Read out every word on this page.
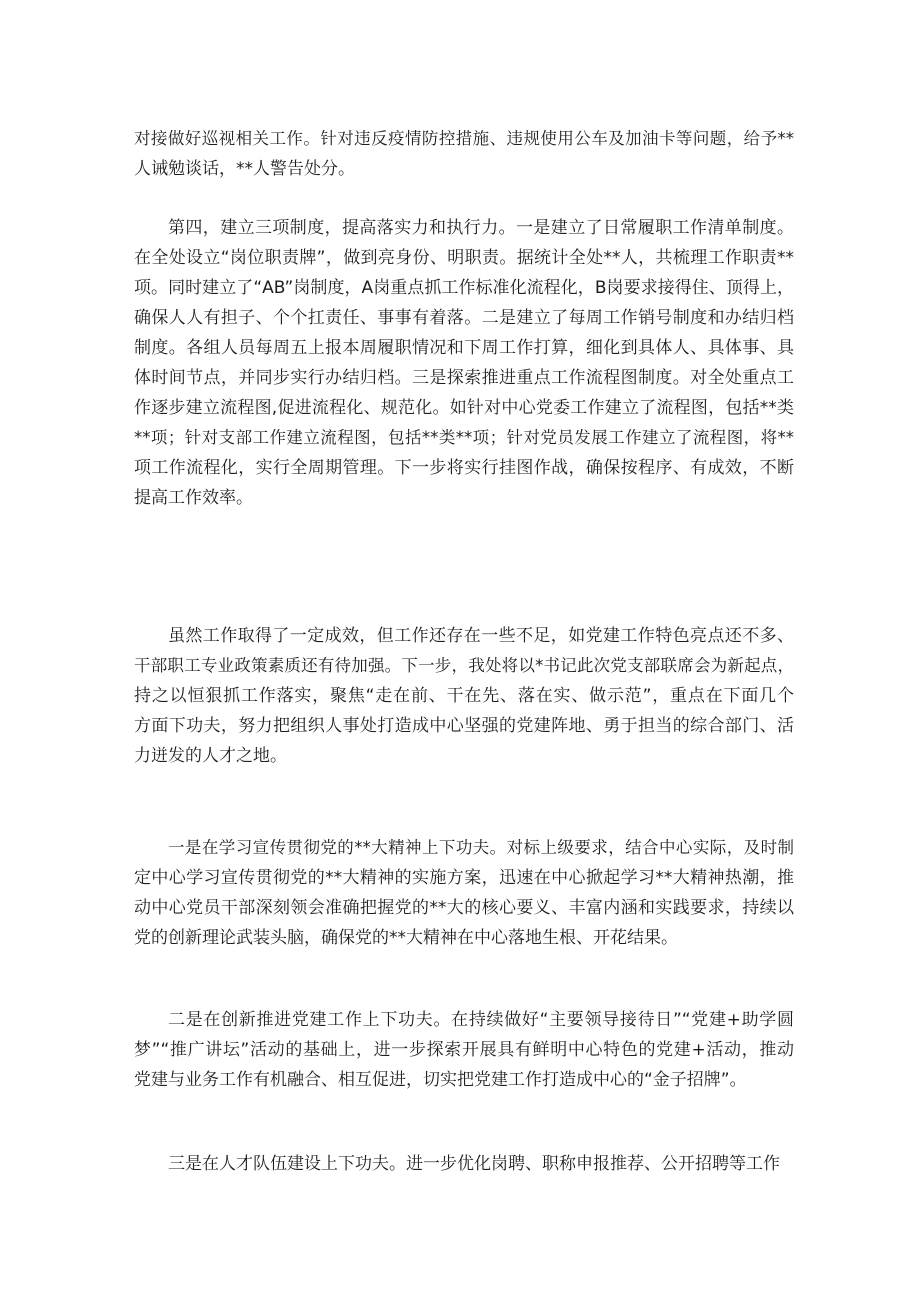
对接做好巡视相关工作。针对违反疫情防控措施、违规使用公车及加油卡等问题，给予**
人诫勉谈话，**人警告处分。
第四，建立三项制度，提高落实力和执行力。一是建立了日常履职工作清单制度。
在全处设立“岗位职责牌”，做到亮身份、明职责。据统计全处**人，共梳理工作职责**
项。同时建立了“AB”岗制度，A岗重点抓工作标准化流程化，B岗要求接得住、顶得上，
确保人人有担子、个个扛责任、事事有着落。二是建立了每周工作销号制度和办结归档
制度。各组人员每周五上报本周履职情况和下周工作打算，细化到具体人、具体事、具
体时间节点，并同步实行办结归档。三是探索推进重点工作流程图制度。对全处重点工
作逐步建立流程图,促进流程化、规范化。如针对中心党委工作建立了流程图，包括**类
**项；针对支部工作建立流程图，包括**类**项；针对党员发展工作建立了流程图，将**
项工作流程化，实行全周期管理。下一步将实行挂图作战，确保按程序、有成效，不断
提高工作效率。
虽然工作取得了一定成效，但工作还存在一些不足，如党建工作特色亮点还不多、
干部职工专业政策素质还有待加强。下一步，我处将以*书记此次党支部联席会为新起点，
持之以恒狠抓工作落实，聚焦“走在前、干在先、落在实、做示范”，重点在下面几个
方面下功夫，努力把组织人事处打造成中心坚强的党建阵地、勇于担当的综合部门、活
力迸发的人才之地。
一是在学习宣传贯彻党的**大精神上下功夫。对标上级要求，结合中心实际，及时制
定中心学习宣传贯彻党的**大精神的实施方案，迅速在中心掀起学习**大精神热潮，推
动中心党员干部深刻领会准确把握党的**大的核心要义、丰富内涵和实践要求，持续以
党的创新理论武装头脑，确保党的**大精神在中心落地生根、开花结果。
二是在创新推进党建工作上下功夫。在持续做好“主要领导接待日”“党建+助学圆
梦”“推广讲坛”活动的基础上，进一步探索开展具有鲜明中心特色的党建+活动，推动
党建与业务工作有机融合、相互促进，切实把党建工作打造成中心的“金子招牌”。
三是在人才队伍建设上下功夫。进一步优化岗聘、职称申报推荐、公开招聘等工作
